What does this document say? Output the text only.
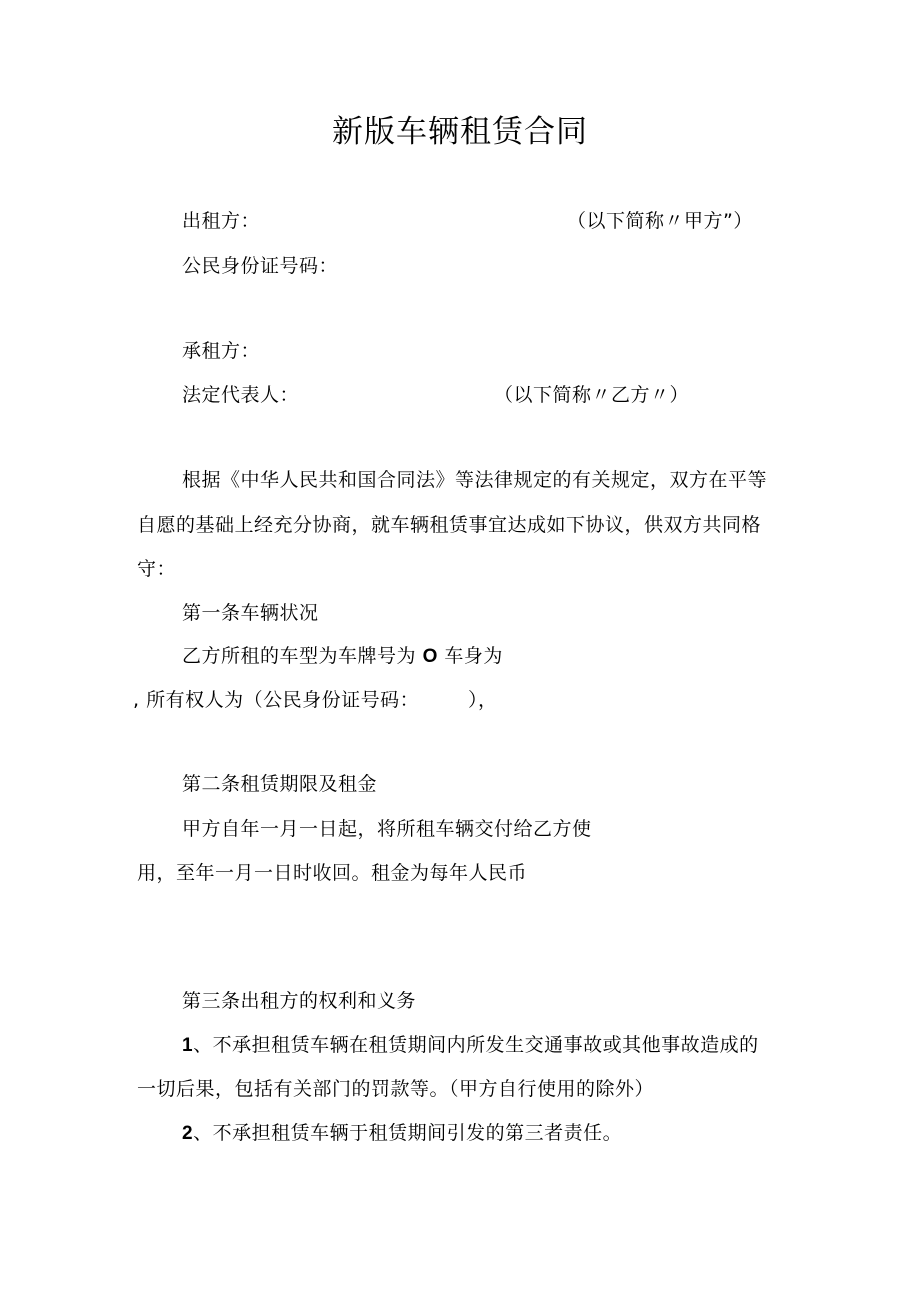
新版车辆租赁合同
出租方：	（以下简称〃甲方”）
公民身份证号码：
承租方：
法定代表人：	（以下简称〃乙方〃）
根据《中华人民共和国合同法》等法律规定的有关规定，双方在平等
自愿的基础上经充分协商，就车辆租赁事宜达成如下协议，供双方共同格
守：
第一条车辆状况
乙方所租的车型为车牌号为 O 车身为
, 所有权人为（公民身份证号码：	），
第二条租赁期限及租金
甲方自年一月一日起，将所租车辆交付给乙方使
用，至年一月一日时收回。租金为每年人民币
第三条出租方的权利和义务
1、不承担租赁车辆在租赁期间内所发生交通事故或其他事故造成的
一切后果，包括有关部门的罚款等。（甲方自行使用的除外）
2、不承担租赁车辆于租赁期间引发的第三者责任。
